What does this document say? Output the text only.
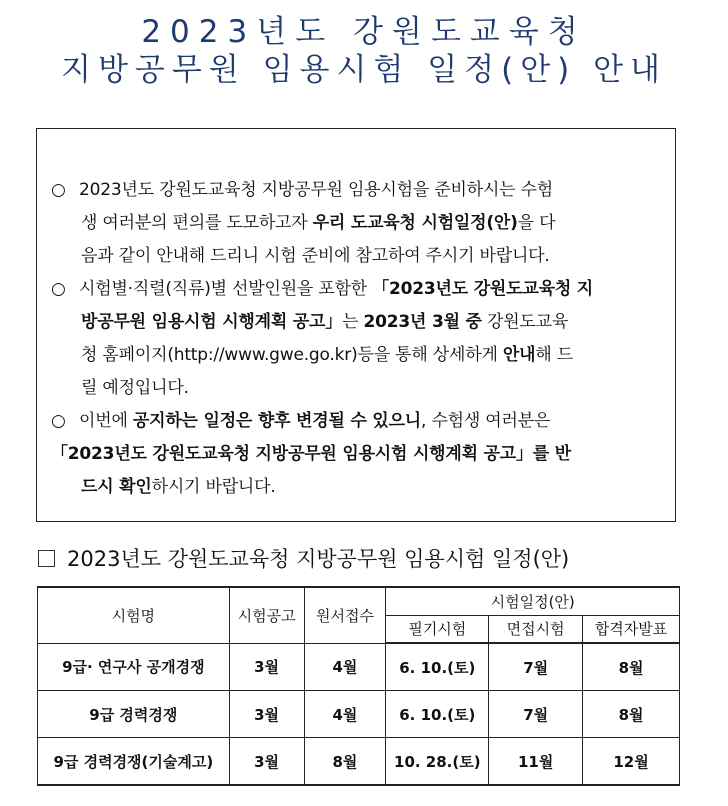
2023년도 강원도교육청
지방공무원 임용시험 일정(안) 안내
○ 2023년도 강원도교육청 지방공무원 임용시험을 준비하시는 수험
생 여러분의 편의를 도모하고자 우리 도교육청 시험일정(안)을 다
음과 같이 안내해 드리니 시험 준비에 참고하여 주시기 바랍니다.
○ 시험별·직렬(직류)별 선발인원을 포함한 「2023년도 강원도교육청 지
방공무원 임용시험 시행계획 공고」는 2023년 3월 중 강원도교육
청 홈페이지(http://www.gwe.go.kr)등을 통해 상세하게 안내해 드
릴 예정입니다.
○ 이번에 공지하는 일정은 향후 변경될 수 있으니, 수험생 여러분은
「2023년도 강원도교육청 지방공무원 임용시험 시행계획 공고」를 반
드시 확인하시기 바랍니다.
2023년도 강원도교육청 지방공무원 임용시험 일정(안)
시험명	시험공고	원서접수	시험일정(안)		
			필기시험	면접시험	합격자발표
9급· 연구사 공개경쟁	3월	4월	6. 10.(토)	7월	8월
9급 경력경쟁	3월	4월	6. 10.(토)	7월	8월
9급 경력경쟁(기술계고)	3월	8월	10. 28.(토)	11월	12월
